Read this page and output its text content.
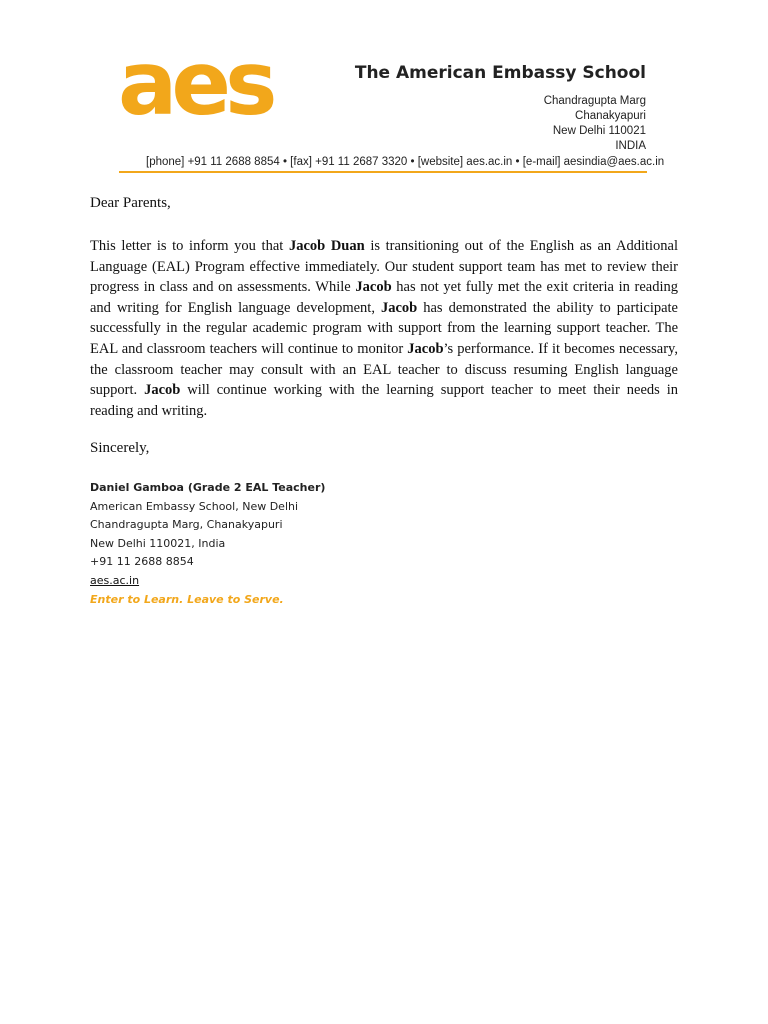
aes	The American Embassy School
Chandragupta Marg
Chanakyapuri
New Delhi 110021
INDIA
[phone] +91 11 2688 8854 • [fax] +91 11 2687 3320 • [website] aes.ac.in • [e-mail] aesindia@aes.ac.in
Dear Parents,
This letter is to inform you that Jacob Duan is transitioning out of the English as an Additional Language (EAL) Program effective immediately. Our student support team has met to review their progress in class and on assessments. While Jacob has not yet fully met the exit criteria in reading and writing for English language development, Jacob has demonstrated the ability to participate successfully in the regular academic program with support from the learning support teacher. The EAL and classroom teachers will continue to monitor Jacob’s performance. If it becomes necessary, the classroom teacher may consult with an EAL teacher to discuss resuming English language support. Jacob will continue working with the learning support teacher to meet their needs in reading and writing.
Sincerely,
Daniel Gamboa (Grade 2 EAL Teacher)
American Embassy School, New Delhi
Chandragupta Marg, Chanakyapuri
New Delhi 110021, India
+91 11 2688 8854
aes.ac.in
Enter to Learn. Leave to Serve.
